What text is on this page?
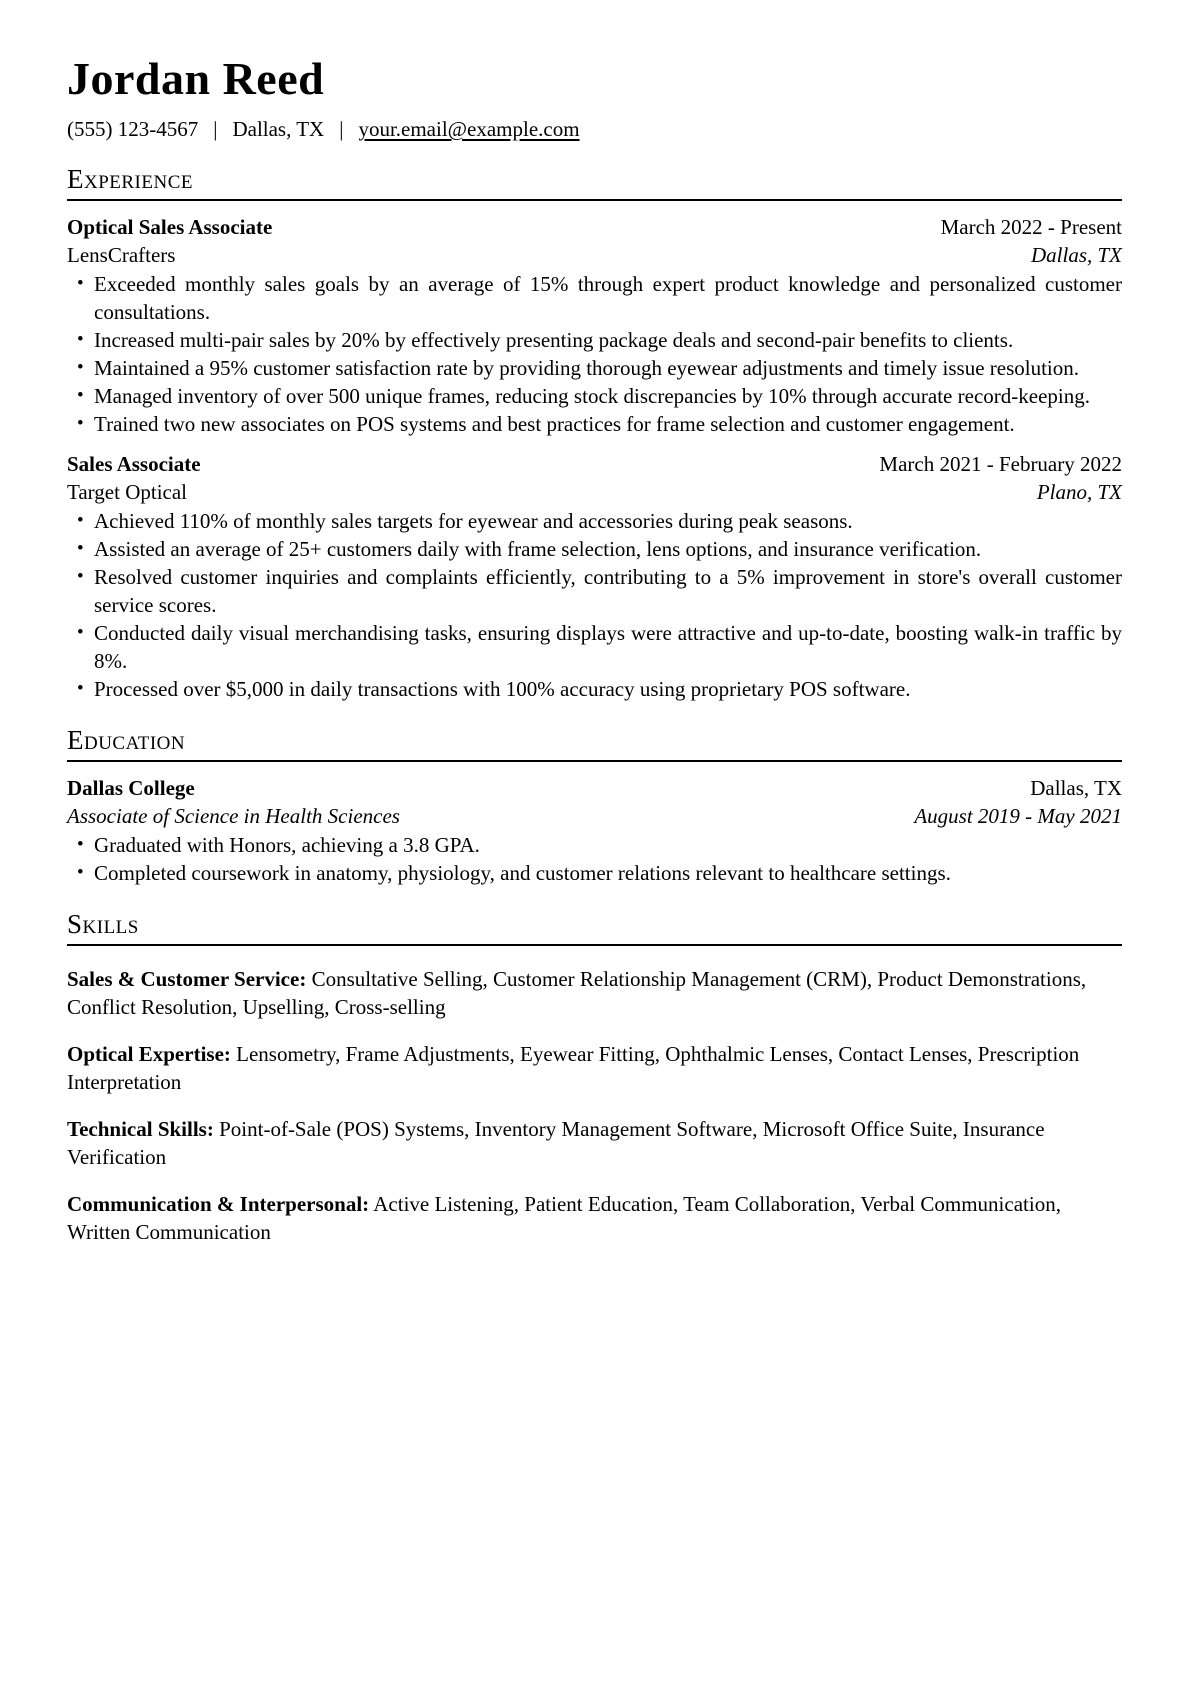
Jordan Reed
(555) 123-4567 | Dallas, TX | your.email@example.com
Experience
Optical Sales Associate	March 2022 - Present
LensCrafters	Dallas, TX
• Exceeded monthly sales goals by an average of 15% through expert product knowledge and personalized customer consultations.
• Increased multi-pair sales by 20% by effectively presenting package deals and second-pair benefits to clients.
• Maintained a 95% customer satisfaction rate by providing thorough eyewear adjustments and timely issue resolution.
• Managed inventory of over 500 unique frames, reducing stock discrepancies by 10% through accurate record-keeping.
• Trained two new associates on POS systems and best practices for frame selection and customer engagement.
Sales Associate	March 2021 - February 2022
Target Optical	Plano, TX
• Achieved 110% of monthly sales targets for eyewear and accessories during peak seasons.
• Assisted an average of 25+ customers daily with frame selection, lens options, and insurance verification.
• Resolved customer inquiries and complaints efficiently, contributing to a 5% improvement in store's overall customer service scores.
• Conducted daily visual merchandising tasks, ensuring displays were attractive and up-to-date, boosting walk-in traffic by 8%.
• Processed over $5,000 in daily transactions with 100% accuracy using proprietary POS software.
Education
Dallas College	Dallas, TX
Associate of Science in Health Sciences	August 2019 - May 2021
• Graduated with Honors, achieving a 3.8 GPA.
• Completed coursework in anatomy, physiology, and customer relations relevant to healthcare settings.
Skills

Sales & Customer Service: Consultative Selling, Customer Relationship Management (CRM), Product Demonstrations, Conflict Resolution, Upselling, Cross-selling

Optical Expertise: Lensometry, Frame Adjustments, Eyewear Fitting, Ophthalmic Lenses, Contact Lenses, Prescription Interpretation

Technical Skills: Point-of-Sale (POS) Systems, Inventory Management Software, Microsoft Office Suite, Insurance Verification

Communication & Interpersonal: Active Listening, Patient Education, Team Collaboration, Verbal Communication, Written Communication
